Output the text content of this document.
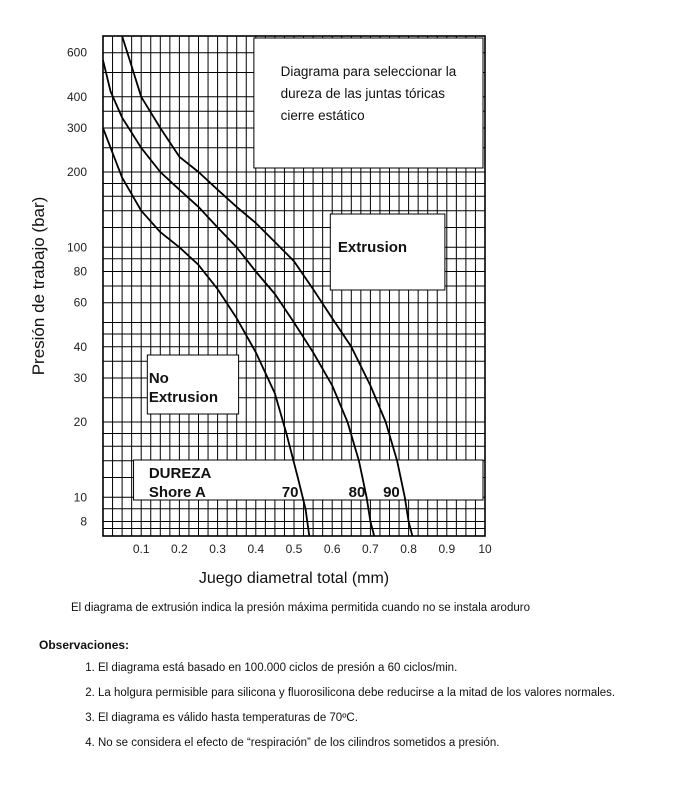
0.1 0.2 0.3 0.4 0.5 0.6 0.7 0.8 0.9 10
600
400
300
200
100
80
60
40
30
20
10
8
Presión de trabajo (bar)
Juego diametral total (mm)
Diagrama para seleccionar la
dureza de las juntas tóricas
cierre estático
Extrusion
No
Extrusion
DUREZA
Shore A	70	80 90

El diagrama de extrusión indica la presión máxima permitida cuando no se instala aroduro

Observaciones:

1. El diagrama está basado en 100.000 ciclos de presión a 60 ciclos/min.
2. La holgura permisible para silicona y fluorosilicona debe reducirse a la mitad de los valores normales.
3. El diagrama es válido hasta temperaturas de 70ºC.
4. No se considera el efecto de “respiración” de los cilindros sometidos a presión.
